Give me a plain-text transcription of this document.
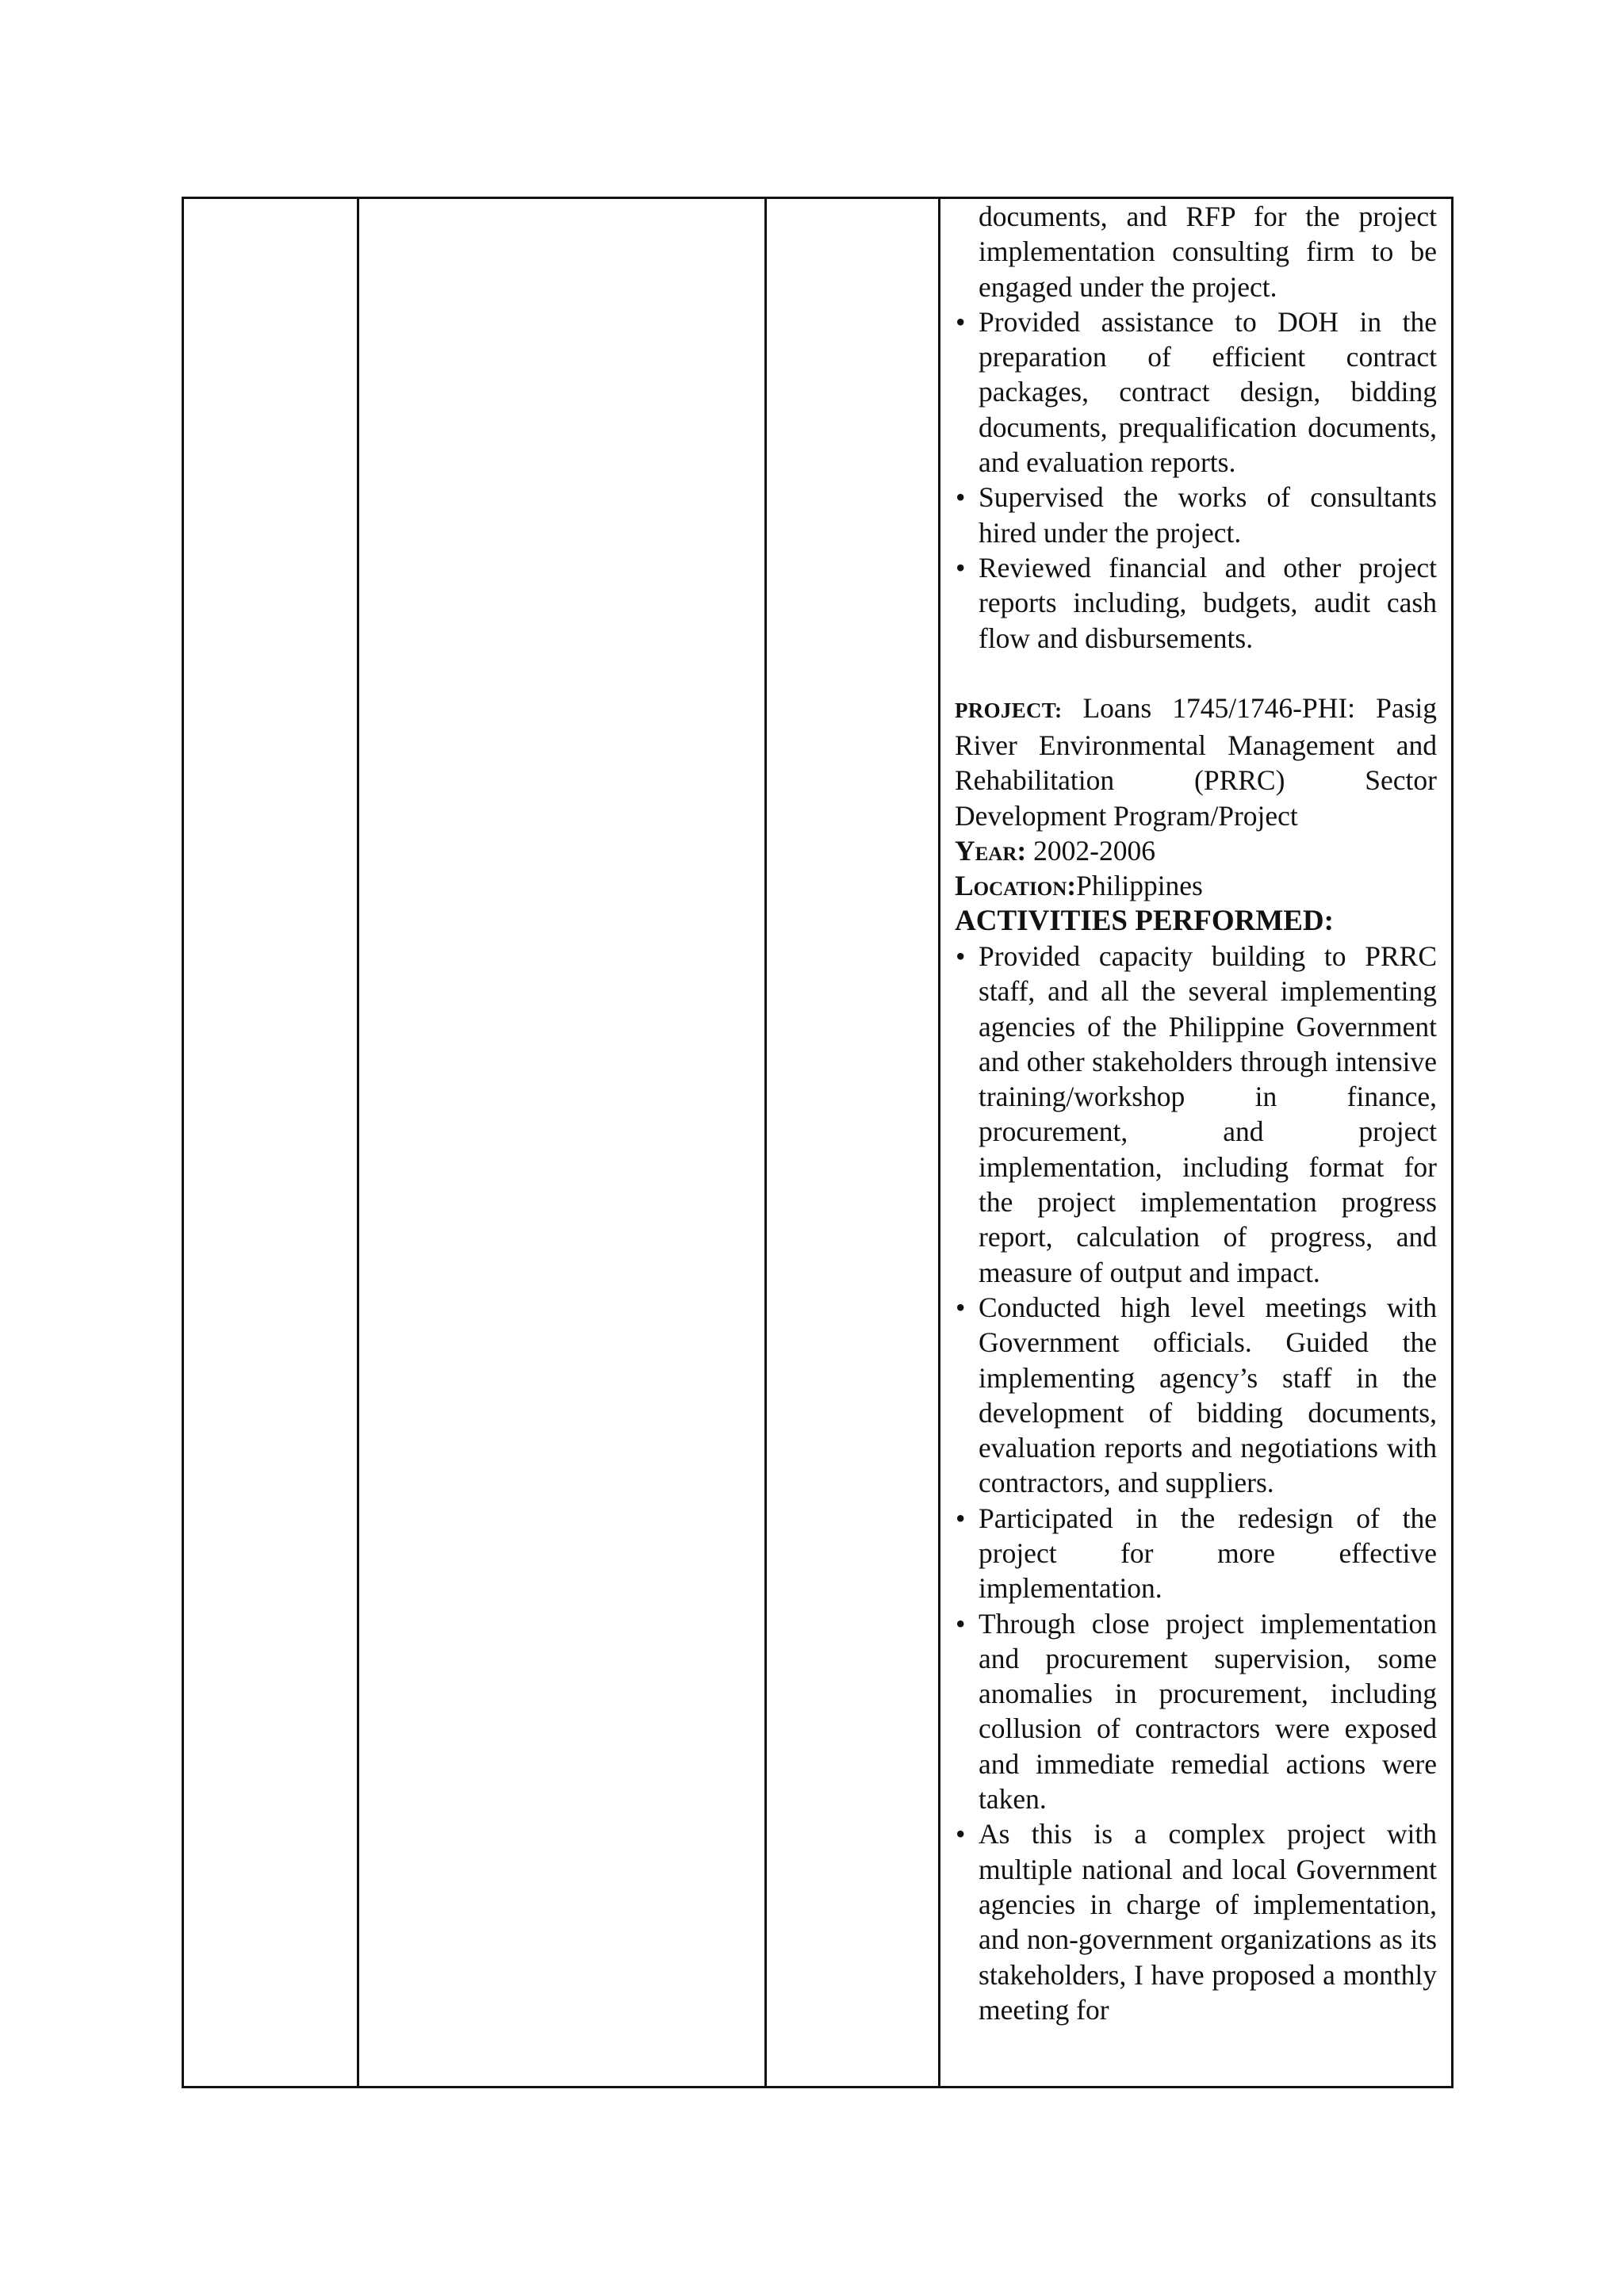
documents, and RFP for the project implementation consulting firm to be engaged under the project.

• Provided assistance to DOH in the preparation of efficient contract packages, contract design, bidding documents, prequalification documents, and evaluation reports.
• Supervised the works of consultants hired under the project.
• Reviewed financial and other project reports including, budgets, audit cash flow and disbursements.

PROJECT: Loans 1745/1746-PHI: Pasig River Environmental Management and Rehabilitation (PRRC) Sector Development Program/Project

Year: 2002-2006

Location:Philippines

ACTIVITIES PERFORMED:

• Provided capacity building to PRRC staff, and all the several implementing agencies of the Philippine Government and other stakeholders through intensive training/workshop in finance, procurement, and project implementation, including format for the project implementation progress report, calculation of progress, and measure of output and impact.
• Conducted high level meetings with Government officials. Guided the implementing agency’s staff in the development of bidding documents, evaluation reports and negotiations with contractors, and suppliers.
• Participated in the redesign of the project for more effective implementation.
• Through close project implementation and procurement supervision, some anomalies in procurement, including collusion of contractors were exposed and immediate remedial actions were taken.
• As this is a complex project with multiple national and local Government agencies in charge of implementation, and non-government organizations as its stakeholders, I have proposed a monthly meeting for
